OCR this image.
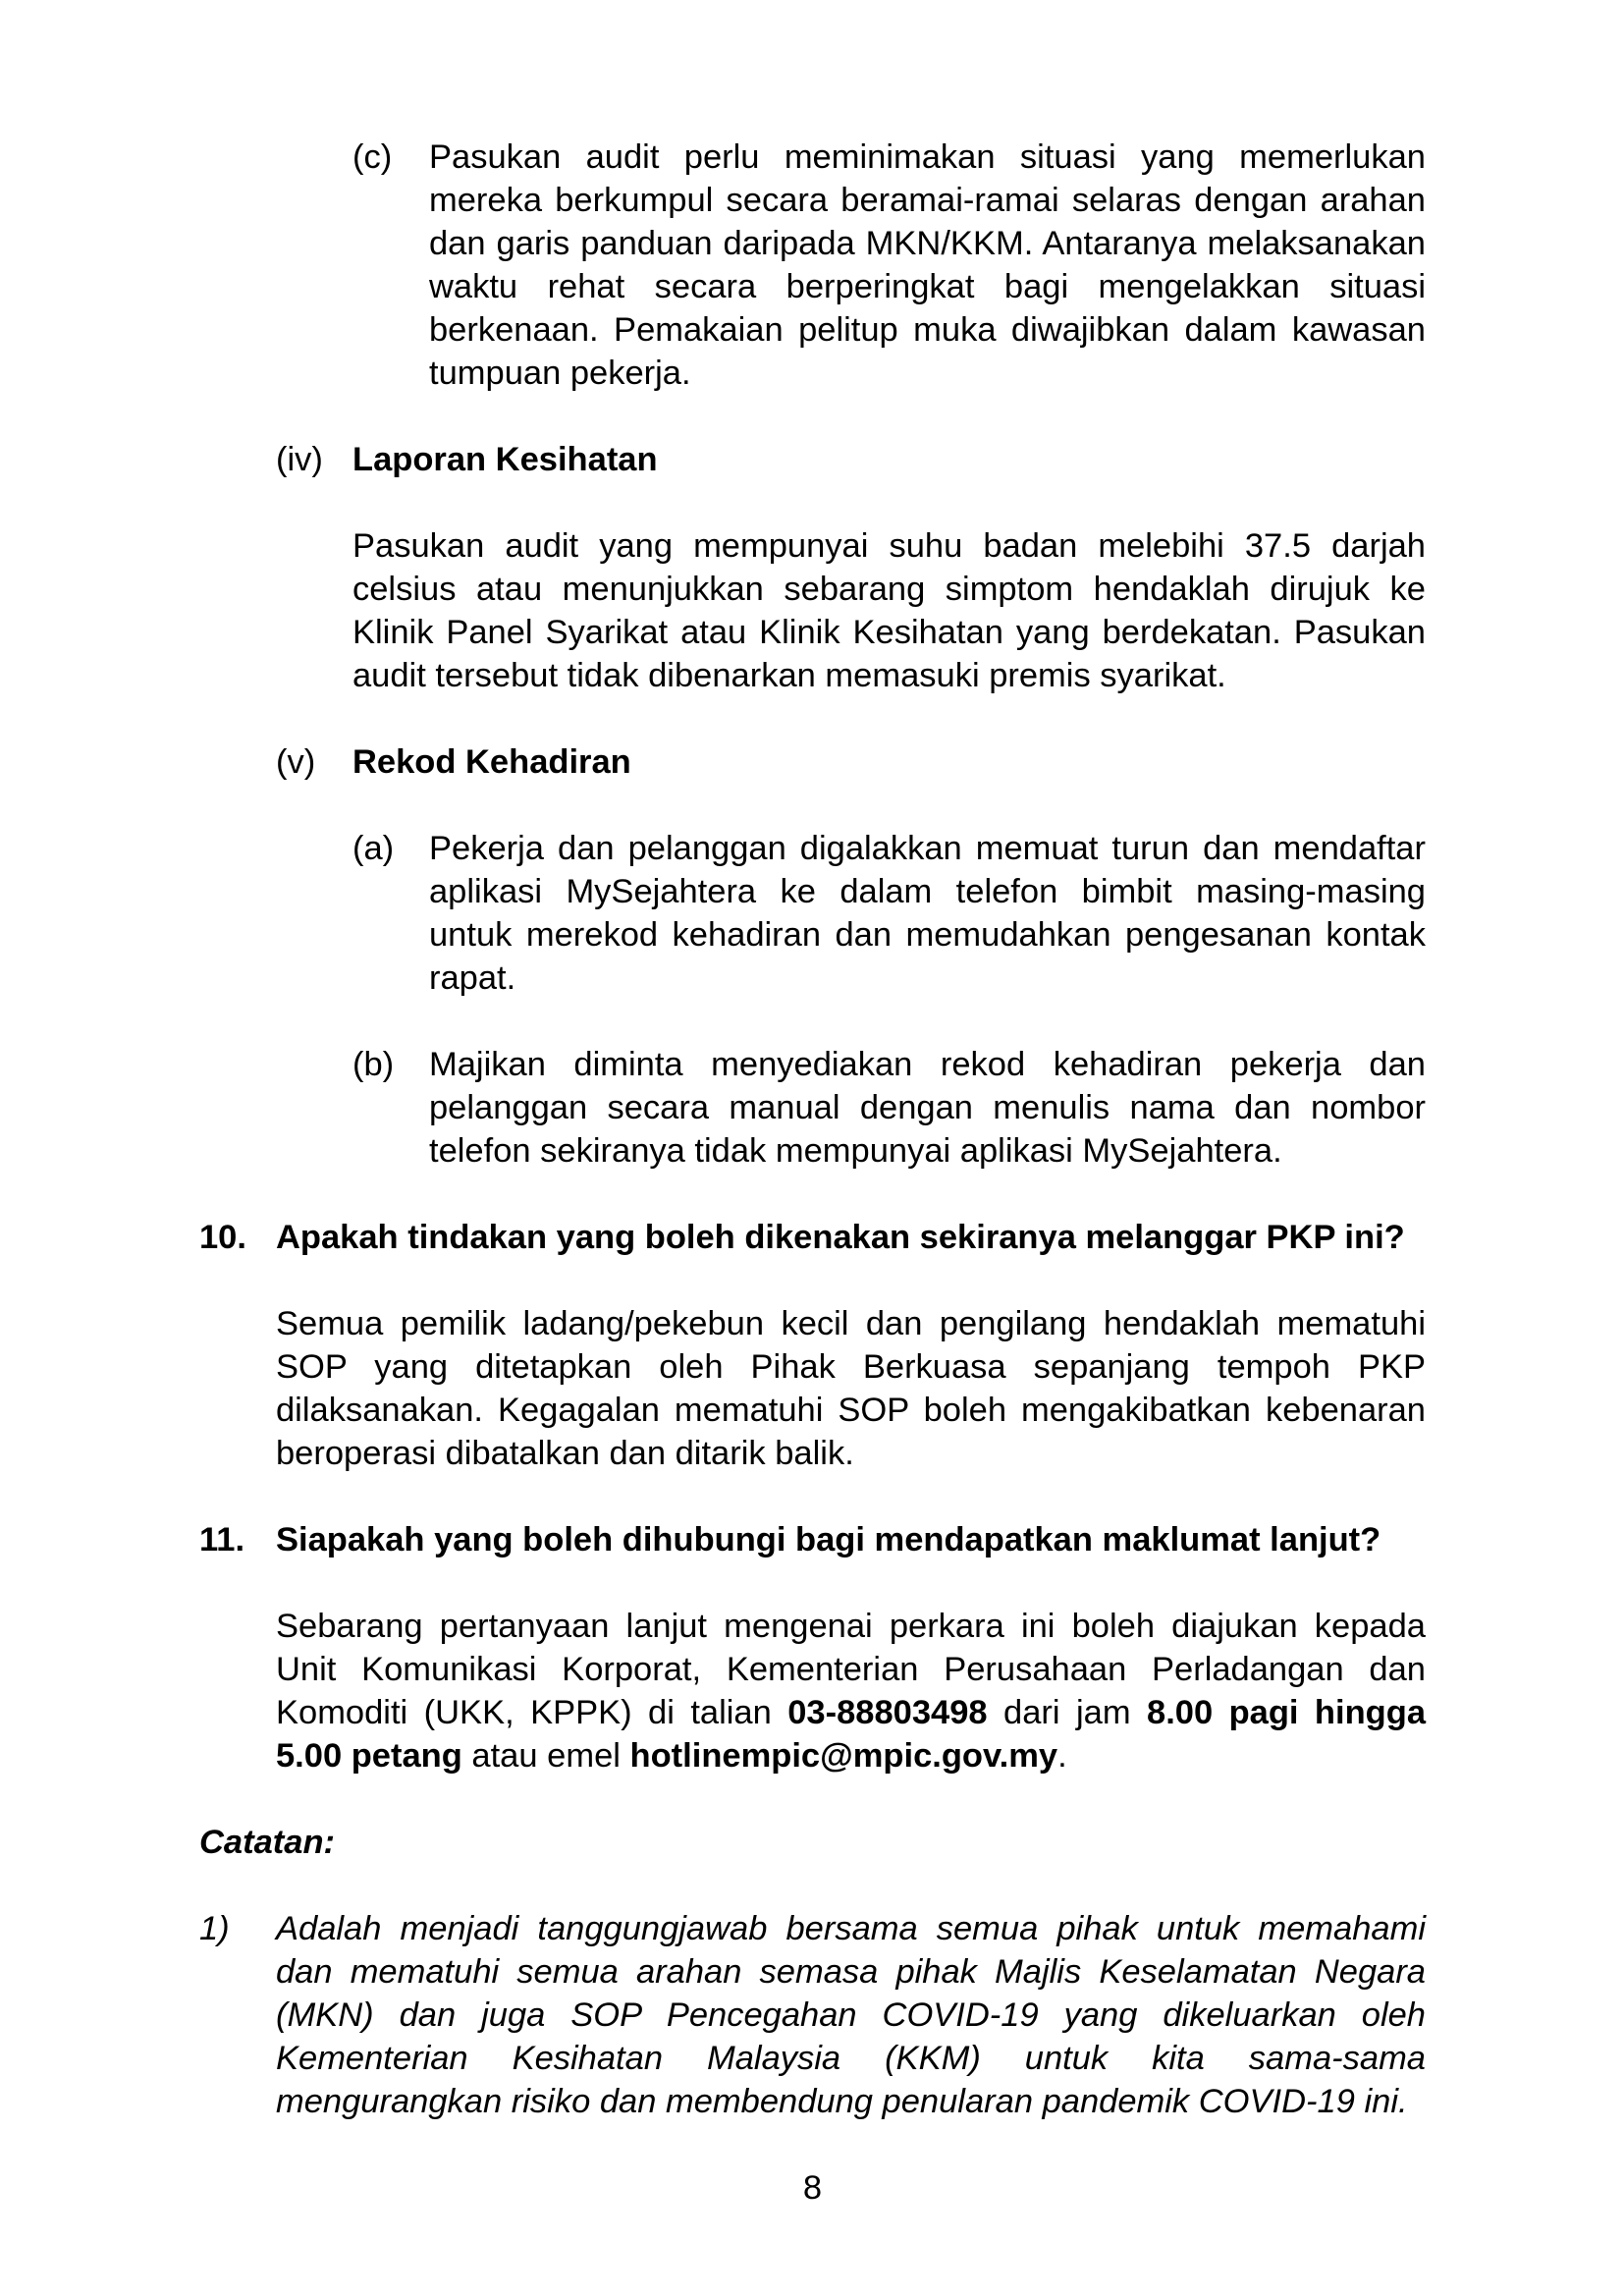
(c)	Pasukan audit perlu meminimakan situasi yang memerlukan mereka berkumpul secara beramai-ramai selaras dengan arahan dan garis panduan daripada MKN/KKM. Antaranya melaksanakan waktu rehat secara berperingkat bagi mengelakkan situasi berkenaan. Pemakaian pelitup muka diwajibkan dalam kawasan tumpuan pekerja.
(iv) Laporan Kesihatan
Pasukan audit yang mempunyai suhu badan melebihi 37.5 darjah celsius atau menunjukkan sebarang simptom hendaklah dirujuk ke Klinik Panel Syarikat atau Klinik Kesihatan yang berdekatan. Pasukan audit tersebut tidak dibenarkan memasuki premis syarikat.
(v)	Rekod Kehadiran
(a)	Pekerja dan pelanggan digalakkan memuat turun dan mendaftar aplikasi MySejahtera ke dalam telefon bimbit masing-masing untuk merekod kehadiran dan memudahkan pengesanan kontak rapat.
(b)	Majikan diminta menyediakan rekod kehadiran pekerja dan pelanggan secara manual dengan menulis nama dan nombor telefon sekiranya tidak mempunyai aplikasi MySejahtera.
10. Apakah tindakan yang boleh dikenakan sekiranya melanggar PKP ini?
Semua pemilik ladang/pekebun kecil dan pengilang hendaklah mematuhi SOP yang ditetapkan oleh Pihak Berkuasa sepanjang tempoh PKP dilaksanakan. Kegagalan mematuhi SOP boleh mengakibatkan kebenaran beroperasi dibatalkan dan ditarik balik.
11. Siapakah yang boleh dihubungi bagi mendapatkan maklumat lanjut?
Sebarang pertanyaan lanjut mengenai perkara ini boleh diajukan kepada Unit Komunikasi Korporat, Kementerian Perusahaan Perladangan dan Komoditi (UKK, KPPK) di talian 03-88803498 dari jam 8.00 pagi hingga 5.00 petang atau emel hotlinempic@mpic.gov.my.
Catatan:
1)	Adalah menjadi tanggungjawab bersama semua pihak untuk memahami dan mematuhi semua arahan semasa pihak Majlis Keselamatan Negara (MKN) dan juga SOP Pencegahan COVID-19 yang dikeluarkan oleh Kementerian Kesihatan Malaysia (KKM) untuk kita sama-sama mengurangkan risiko dan membendung penularan pandemik COVID-19 ini.
8
